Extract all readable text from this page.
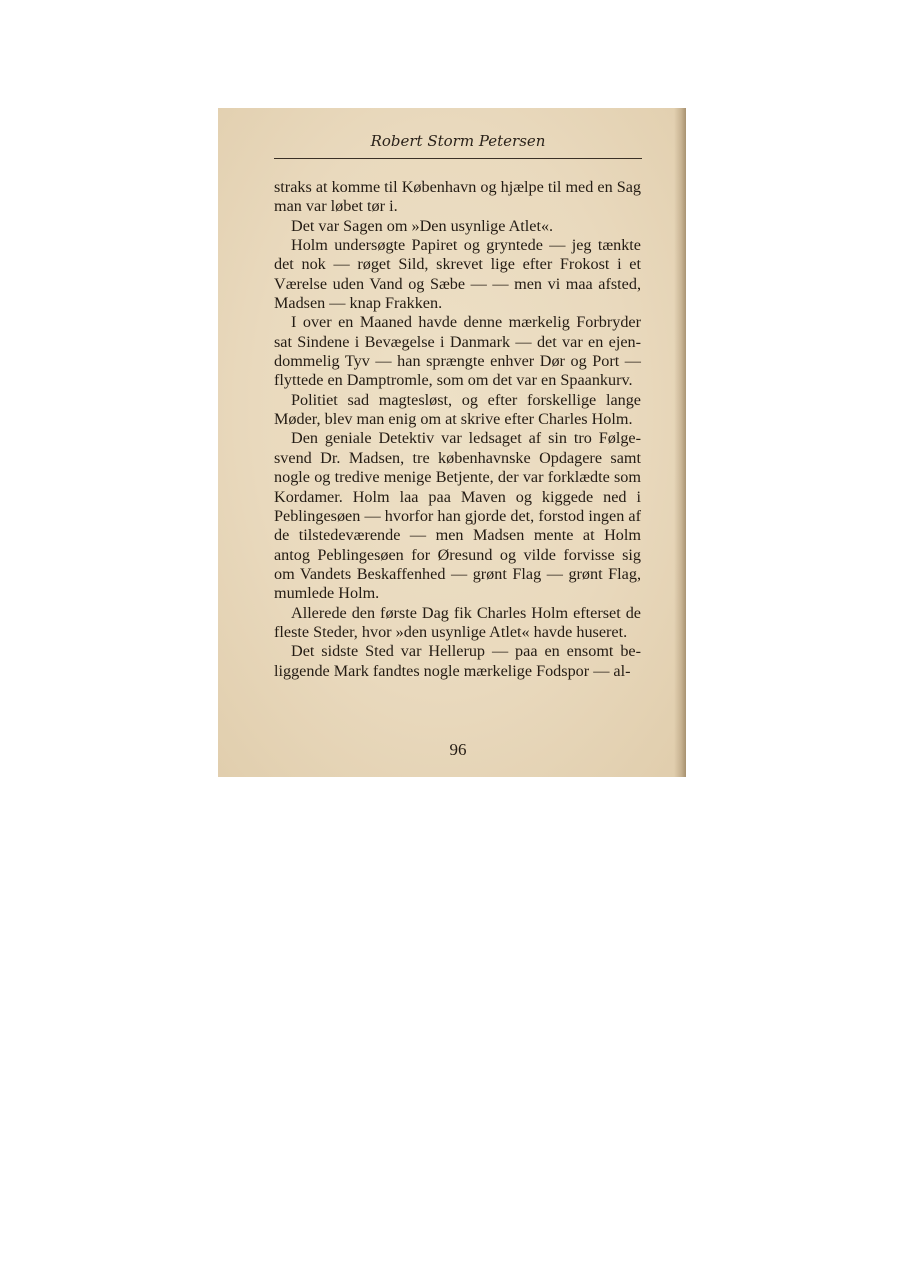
Robert Storm Petersen

straks at komme til København og hjælpe til med en Sag man var løbet tør i.

Det var Sagen om »Den usynlige Atlet«.

Holm undersøgte Papiret og gryntede — jeg tænkte det nok — røget Sild, skrevet lige efter Frokost i et Værelse uden Vand og Sæbe — — men vi maa afsted, Madsen — knap Frakken.

I over en Maaned havde denne mærkelig Forbryder sat Sindene i Bevægelse i Danmark — det var en ejendommelig Tyv — han sprængte enhver Dør og Port — flyttede en Damptromle, som om det var en Spaankurv.

Politiet sad magtesløst, og efter forskellige lange Møder, blev man enig om at skrive efter Charles Holm.

Den geniale Detektiv var ledsaget af sin tro Følgesvend Dr. Madsen, tre københavnske Opdagere samt nogle og tredive menige Betjente, der var forklædte som Kordamer. Holm laa paa Maven og kiggede ned i Peblingesøen — hvorfor han gjorde det, forstod ingen af de tilstedeværende — men Madsen mente at Holm antog Peblingesøen for Øresund og vilde forvisse sig om Vandets Beskaffenhed — grønt Flag — grønt Flag, mumlede Holm.

Allerede den første Dag fik Charles Holm efterset de fleste Steder, hvor »den usynlige Atlet« havde huseret.

Det sidste Sted var Hellerup — paa en ensomt beliggende Mark fandtes nogle mærkelige Fodspor — al-

96
